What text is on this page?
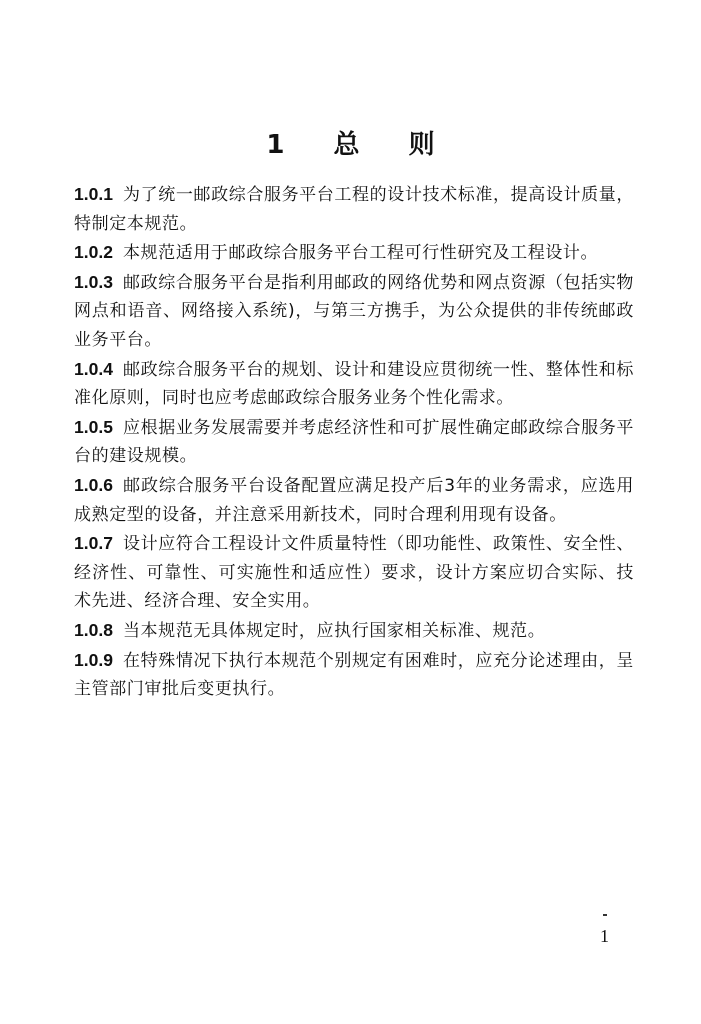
1 总 则
1.0.1 为了统一邮政综合服务平台工程的设计技术标准，提高设计质量，特制定本规范。
1.0.2 本规范适用于邮政综合服务平台工程可行性研究及工程设计。
1.0.3 邮政综合服务平台是指利用邮政的网络优势和网点资源（包括实物网点和语音、网络接入系统)，与第三方携手，为公众提供的非传统邮政业务平台。
1.0.4 邮政综合服务平台的规划、设计和建设应贯彻统一性、整体性和标准化原则，同时也应考虑邮政综合服务业务个性化需求。
1.0.5 应根据业务发展需要并考虑经济性和可扩展性确定邮政综合服务平台的建设规模。
1.0.6 邮政综合服务平台设备配置应满足投产后3年的业务需求，应选用成熟定型的设备，并注意采用新技术，同时合理利用现有设备。
1.0.7 设计应符合工程设计文件质量特性（即功能性、政策性、安全性、经济性、可靠性、可实施性和适应性）要求，设计方案应切合实际、技术先进、经济合理、安全实用。
1.0.8 当本规范无具体规定时，应执行国家相关标准、规范。
1.0.9 在特殊情况下执行本规范个别规定有困难时，应充分论述理由，呈主管部门审批后变更执行。
1
